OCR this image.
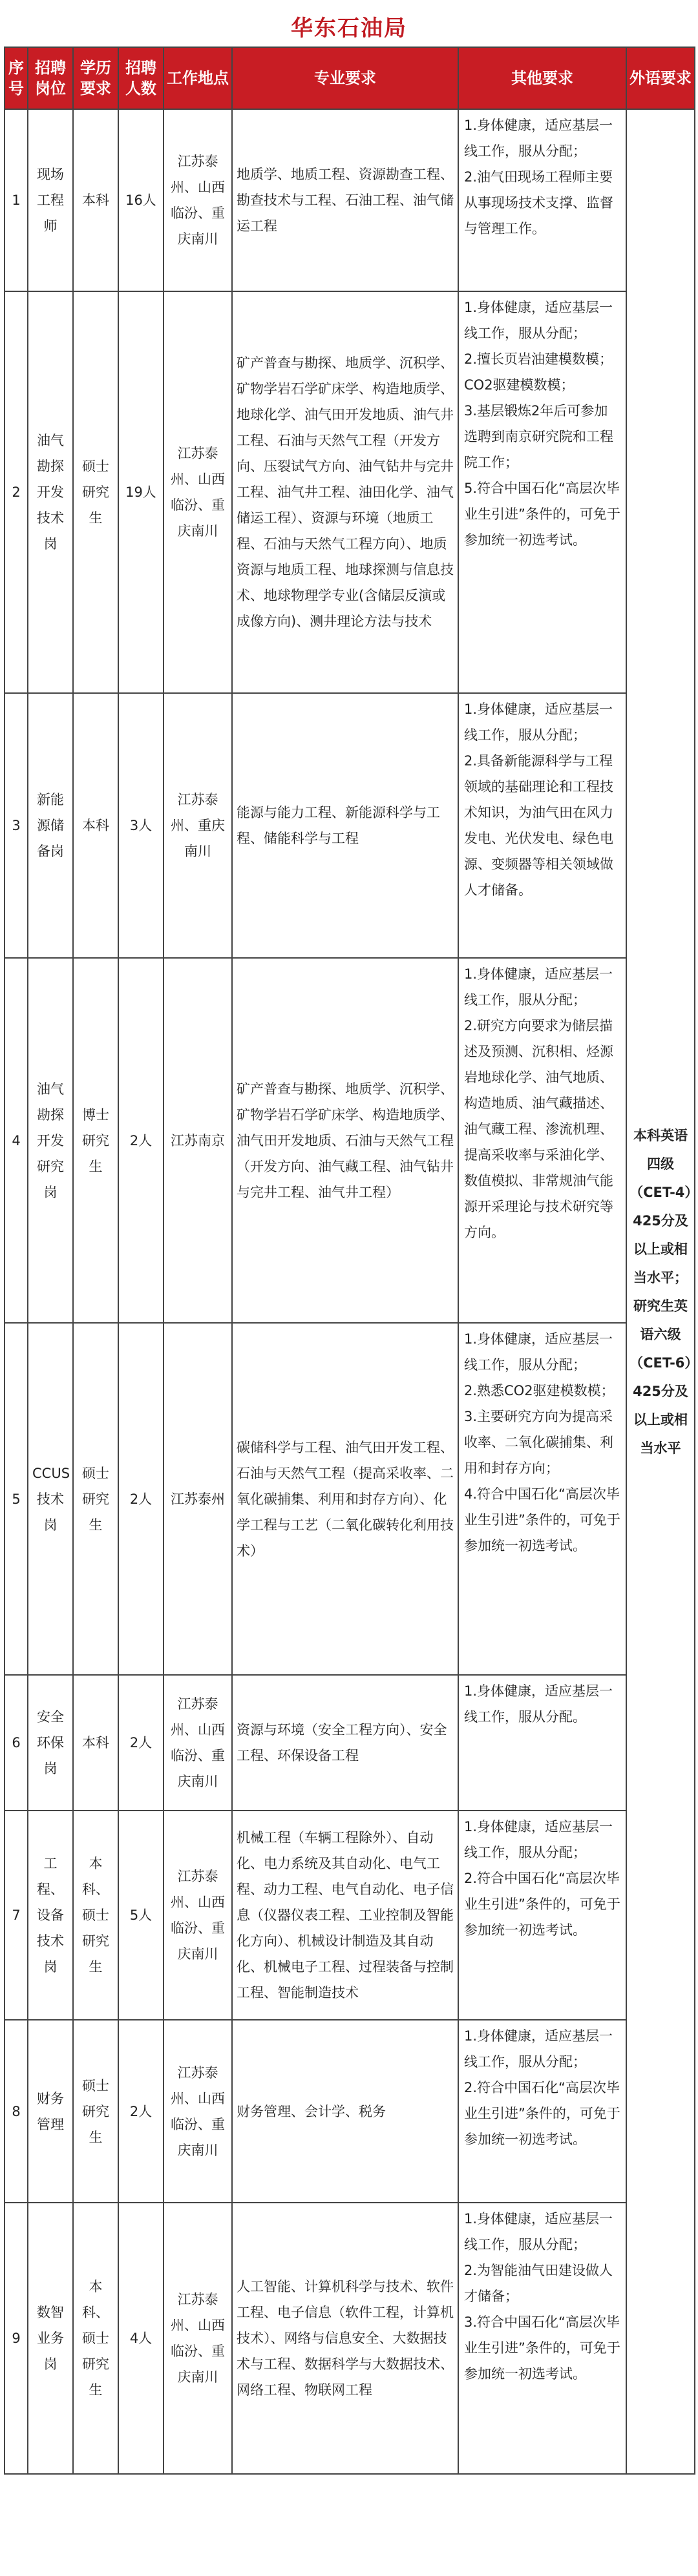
华东石油局
序号	招聘岗位	学历要求	招聘人数	工作地点	专业要求	其他要求	外语要求
1	现场工程师	本科	16人	江苏泰州、山西临汾、重庆南川	地质学、地质工程、资源勘查工程、勘查技术与工程、石油工程、油气储运工程	1.身体健康，适应基层一线工作，服从分配；
2.油气田现场工程师主要从事现场技术支撑、监督与管理工作。	本科英语四级（CET-4）425分及以上或相当水平；研究生英语六级（CET-6）425分及以上或相当水平
2	油气勘探开发技术岗	硕士研究生	19人	江苏泰州、山西临汾、重庆南川	矿产普查与勘探、地质学、沉积学、矿物学岩石学矿床学、构造地质学、地球化学、油气田开发地质、油气井工程、石油与天然气工程（开发方向、压裂试气方向、油气钻井与完井工程、油气井工程、油田化学、油气储运工程）、资源与环境（地质工程、石油与天然气工程方向）、地质资源与地质工程、地球探测与信息技术、地球物理学专业(含储层反演或成像方向)、测井理论方法与技术	1.身体健康，适应基层一线工作，服从分配；
2.擅长页岩油建模数模；CO2驱建模数模；
3.基层锻炼2年后可参加选聘到南京研究院和工程院工作；
5.符合中国石化“高层次毕业生引进”条件的，可免于参加统一初选考试。	

3	新能源储备岗	本科	3人	江苏泰州、重庆南川	能源与能力工程、新能源科学与工程、储能科学与工程	1.身体健康，适应基层一线工作，服从分配；
2.具备新能源科学与工程领域的基础理论和工程技术知识，为油气田在风力发电、光伏发电、绿色电源、变频器等相关领域做人才储备。	

4	油气勘探开发研究岗	博士研究生	2人	江苏南京	矿产普查与勘探、地质学、沉积学、矿物学岩石学矿床学、构造地质学、油气田开发地质、石油与天然气工程（开发方向、油气藏工程、油气钻井与完井工程、油气井工程）	1.身体健康，适应基层一线工作，服从分配；
2.研究方向要求为储层描述及预测、沉积相、烃源岩地球化学、油气地质、构造地质、油气藏描述、油气藏工程、渗流机理、提高采收率与采油化学、数值模拟、非常规油气能源开采理论与技术研究等方向。	

5	CCUS技术岗	硕士研究生	2人	江苏泰州	碳储科学与工程、油气田开发工程、石油与天然气工程（提高采收率、二氧化碳捕集、利用和封存方向）、化学工程与工艺（二氧化碳转化利用技术）	1.身体健康，适应基层一线工作，服从分配；
2.熟悉CO2驱建模数模；
3.主要研究方向为提高采收率、二氧化碳捕集、利用和封存方向；
4.符合中国石化“高层次毕业生引进”条件的，可免于参加统一初选考试。	

6	安全环保岗	本科	2人	江苏泰州、山西临汾、重庆南川	资源与环境（安全工程方向）、安全工程、环保设备工程	1.身体健康，适应基层一线工作，服从分配。	

7	工程、设备技术岗	本科、硕士研究生	5人	江苏泰州、山西临汾、重庆南川	机械工程（车辆工程除外）、自动化、电力系统及其自动化、电气工程、动力工程、电气自动化、电子信息（仪器仪表工程、工业控制及智能化方向）、机械设计制造及其自动化、机械电子工程、过程装备与控制工程、智能制造技术	1.身体健康，适应基层一线工作，服从分配；
2.符合中国石化“高层次毕业生引进”条件的，可免于参加统一初选考试。	

8	财务管理	硕士研究生	2人	江苏泰州、山西临汾、重庆南川	财务管理、会计学、税务	1.身体健康，适应基层一线工作，服从分配；
2.符合中国石化“高层次毕业生引进”条件的，可免于参加统一初选考试。	

9	数智业务岗	本科、硕士研究生	4人	江苏泰州、山西临汾、重庆南川	人工智能、计算机科学与技术、软件工程、电子信息（软件工程，计算机技术）、网络与信息安全、大数据技术与工程、数据科学与大数据技术、网络工程、物联网工程	1.身体健康，适应基层一线工作，服从分配；
2.为智能油气田建设做人才储备；
3.符合中国石化“高层次毕业生引进”条件的，可免于参加统一初选考试。	
